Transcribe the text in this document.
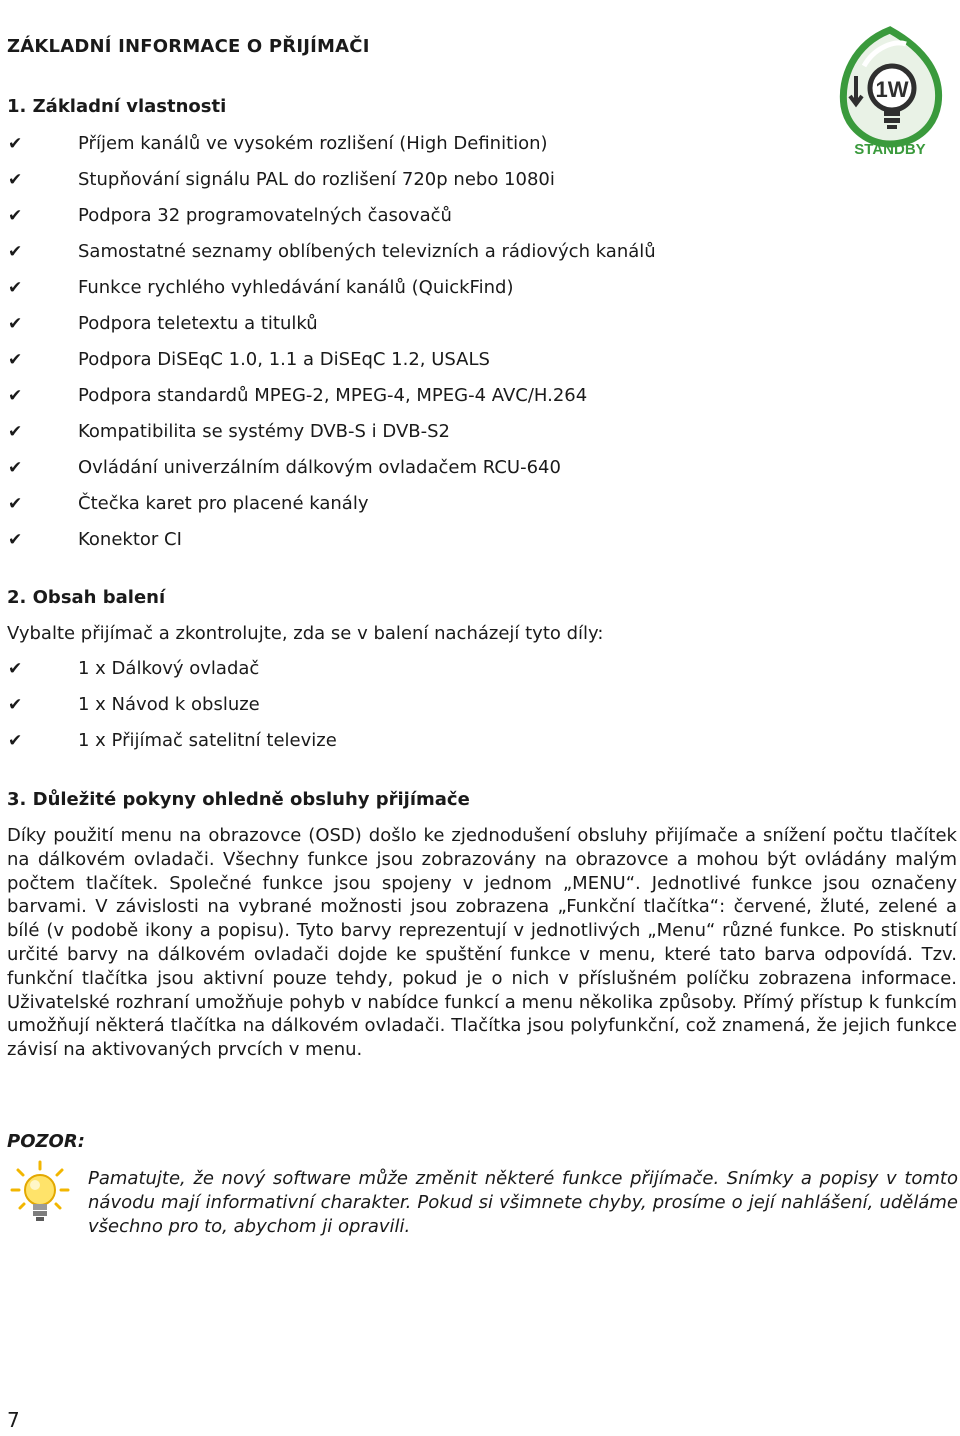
ZÁKLADNÍ INFORMACE O PŘIJÍMAČI
1W
STANDBY
1. Základní vlastnosti
✔	Příjem kanálů ve vysokém rozlišení (High Definition)
✔	Stupňování signálu PAL do rozlišení 720p nebo 1080i
✔	Podpora 32 programovatelných časovačů
✔	Samostatné seznamy oblíbených televizních a rádiových kanálů
✔	Funkce rychlého vyhledávání kanálů (QuickFind)
✔	Podpora teletextu a titulků
✔	Podpora DiSEqC 1.0, 1.1 a DiSEqC 1.2, USALS
✔	Podpora standardů MPEG-2, MPEG-4, MPEG-4 AVC/H.264
✔	Kompatibilita se systémy DVB-S i DVB-S2
✔	Ovládání univerzálním dálkovým ovladačem RCU-640
✔	Čtečka karet pro placené kanály
✔	Konektor CI
2. Obsah balení
Vybalte přijímač a zkontrolujte, zda se v balení nacházejí tyto díly:
✔	1 x Dálkový ovladač
✔	1 x Návod k obsluze
✔	1 x Přijímač satelitní televize
3. Důležité pokyny ohledně obsluhy přijímače

Díky použití menu na obrazovce (OSD) došlo ke zjednodušení obsluhy přijímače a snížení počtu tlačítek na dálkovém ovladači. Všechny funkce jsou zobrazovány na obrazovce a mohou být ovládány malým počtem tlačítek. Společné funkce jsou spojeny v jednom „MENU“. Jednotlivé funkce jsou označeny barvami. V závislosti na vybrané možnosti jsou zobrazena „Funkční tlačítka“: červené, žluté, zelené a bílé (v podobě ikony a popisu). Tyto barvy reprezentují v jednotlivých „Menu“ různé funkce. Po stisknutí určité barvy na dálkovém ovladači dojde ke spuštění funkce v menu, které tato barva odpovídá. Tzv. funkční tlačítka jsou aktivní pouze tehdy, pokud je o nich v příslušném políčku zobrazena informace. Uživatelské rozhraní umožňuje pohyb v nabídce funkcí a menu několika způsoby. Přímý přístup k funkcím umožňují některá tlačítka na dálkovém ovladači. Tlačítka jsou polyfunkční, což znamená, že jejich funkce závisí na aktivovaných prvcích v menu.

POZOR:

Pamatujte, že nový software může změnit některé funkce přijímače. Snímky a popisy v tomto návodu mají informativní charakter. Pokud si všimnete chyby, prosíme o její nahlášení, uděláme všechno pro to, abychom ji opravili.

7
